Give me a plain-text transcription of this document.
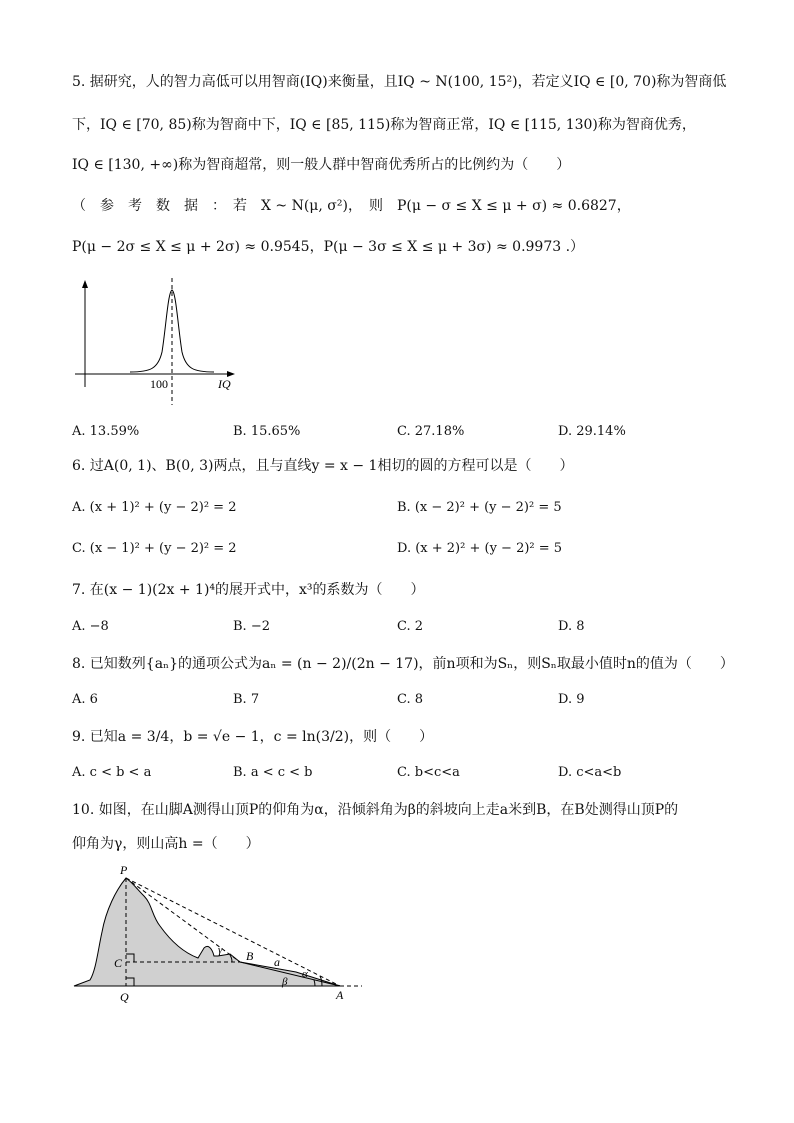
5. 据研究，人的智力高低可以用智商(IQ)来衡量，且IQ ~ N(100, 15²)，若定义IQ ∈ [0, 70)称为智商低
下，IQ ∈ [70, 85)称为智商中下，IQ ∈ [85, 115)称为智商正常，IQ ∈ [115, 130)称为智商优秀，
IQ ∈ [130, +∞)称为智商超常，则一般人群中智商优秀所占的比例约为（　　）
（　参　考　数　据　：　若　X ~ N(μ, σ²)，　则　P(μ − σ ≤ X ≤ μ + σ) ≈ 0.6827，
P(μ − 2σ ≤ X ≤ μ + 2σ) ≈ 0.9545，P(μ − 3σ ≤ X ≤ μ + 3σ) ≈ 0.9973 .）
100	IQ
A. 13.59%	B. 15.65%	C. 27.18%	D. 29.14%
6. 过A(0, 1)、B(0, 3)两点，且与直线y = x − 1相切的圆的方程可以是（　　）
A. (x + 1)² + (y − 2)² = 2	B. (x − 2)² + (y − 2)² = 5
C. (x − 1)² + (y − 2)² = 2	D. (x + 2)² + (y − 2)² = 5
7. 在(x − 1)(2x + 1)⁴的展开式中，x³的系数为（　　）
A. −8	B. −2	C. 2	D. 8
8. 已知数列{aₙ}的通项公式为aₙ = (n − 2)/(2n − 17)，前n项和为Sₙ，则Sₙ取最小值时n的值为（　　）
A. 6	B. 7	C. 8	D. 9
9. 已知a = 3/4，b = √e − 1，c = ln(3/2)，则（　　）
A. c < b < a	B. a < c < b	C. b<c<a	D. c<a<b
10. 如图，在山脚A测得山顶P的仰角为α，沿倾斜角为β的斜坡向上走a米到B，在B处测得山顶P的
仰角为γ，则山高h =（　　）
P
C
Q
B
A
a
α
β
γ
